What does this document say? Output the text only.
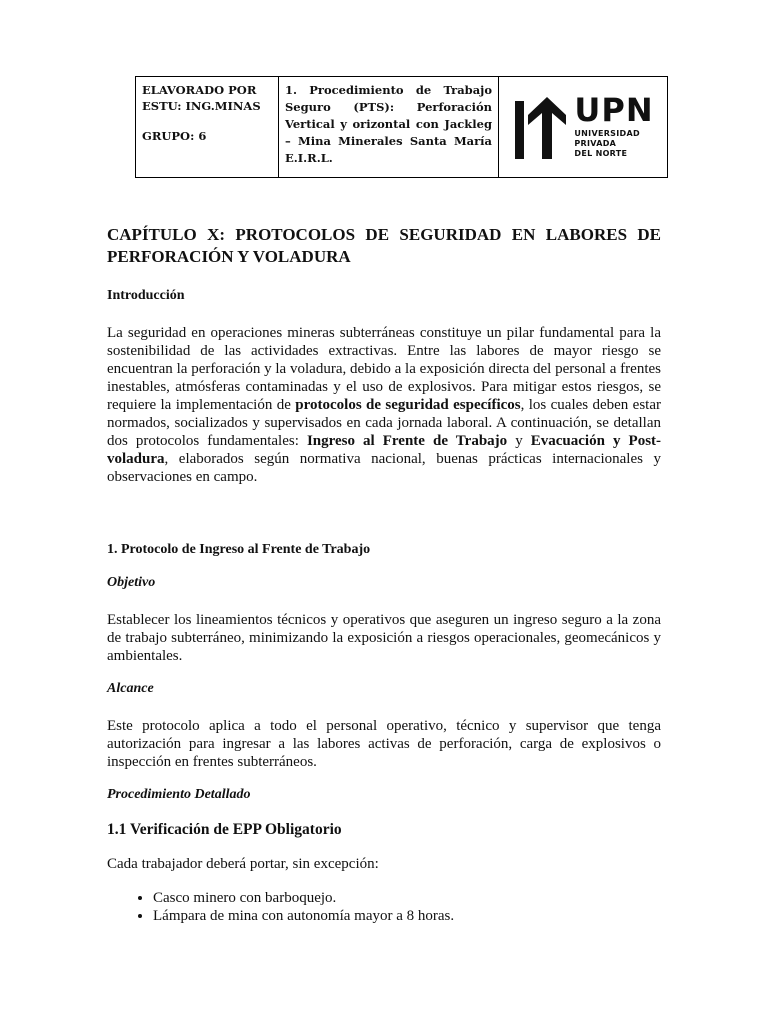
ELAVORADO POR
ESTU: ING.MINAS
GRUPO: 6
1. Procedimiento de Trabajo Seguro (PTS): Perforación Vertical y orizontal con Jackleg – Mina Minerales Santa María E.I.R.L.
UPN
UNIVERSIDAD
PRIVADA
DEL NORTE
CAPÍTULO X: PROTOCOLOS DE SEGURIDAD EN LABORES DE PERFORACIÓN Y VOLADURA

Introducción

La seguridad en operaciones mineras subterráneas constituye un pilar fundamental para la sostenibilidad de las actividades extractivas. Entre las labores de mayor riesgo se encuentran la perforación y la voladura, debido a la exposición directa del personal a frentes inestables, atmósferas contaminadas y el uso de explosivos. Para mitigar estos riesgos, se requiere la implementación de protocolos de seguridad específicos, los cuales deben estar normados, socializados y supervisados en cada jornada laboral. A continuación, se detallan dos protocolos fundamentales: Ingreso al Frente de Trabajo y Evacuación y Post-voladura, elaborados según normativa nacional, buenas prácticas internacionales y observaciones en campo.

1. Protocolo de Ingreso al Frente de Trabajo

Objetivo

Establecer los lineamientos técnicos y operativos que aseguren un ingreso seguro a la zona de trabajo subterráneo, minimizando la exposición a riesgos operacionales, geomecánicos y ambientales.

Alcance

Este protocolo aplica a todo el personal operativo, técnico y supervisor que tenga autorización para ingresar a las labores activas de perforación, carga de explosivos o inspección en frentes subterráneos.

Procedimiento Detallado

1.1 Verificación de EPP Obligatorio

Cada trabajador deberá portar, sin excepción:

• Casco minero con barboquejo.
• Lámpara de mina con autonomía mayor a 8 horas.
